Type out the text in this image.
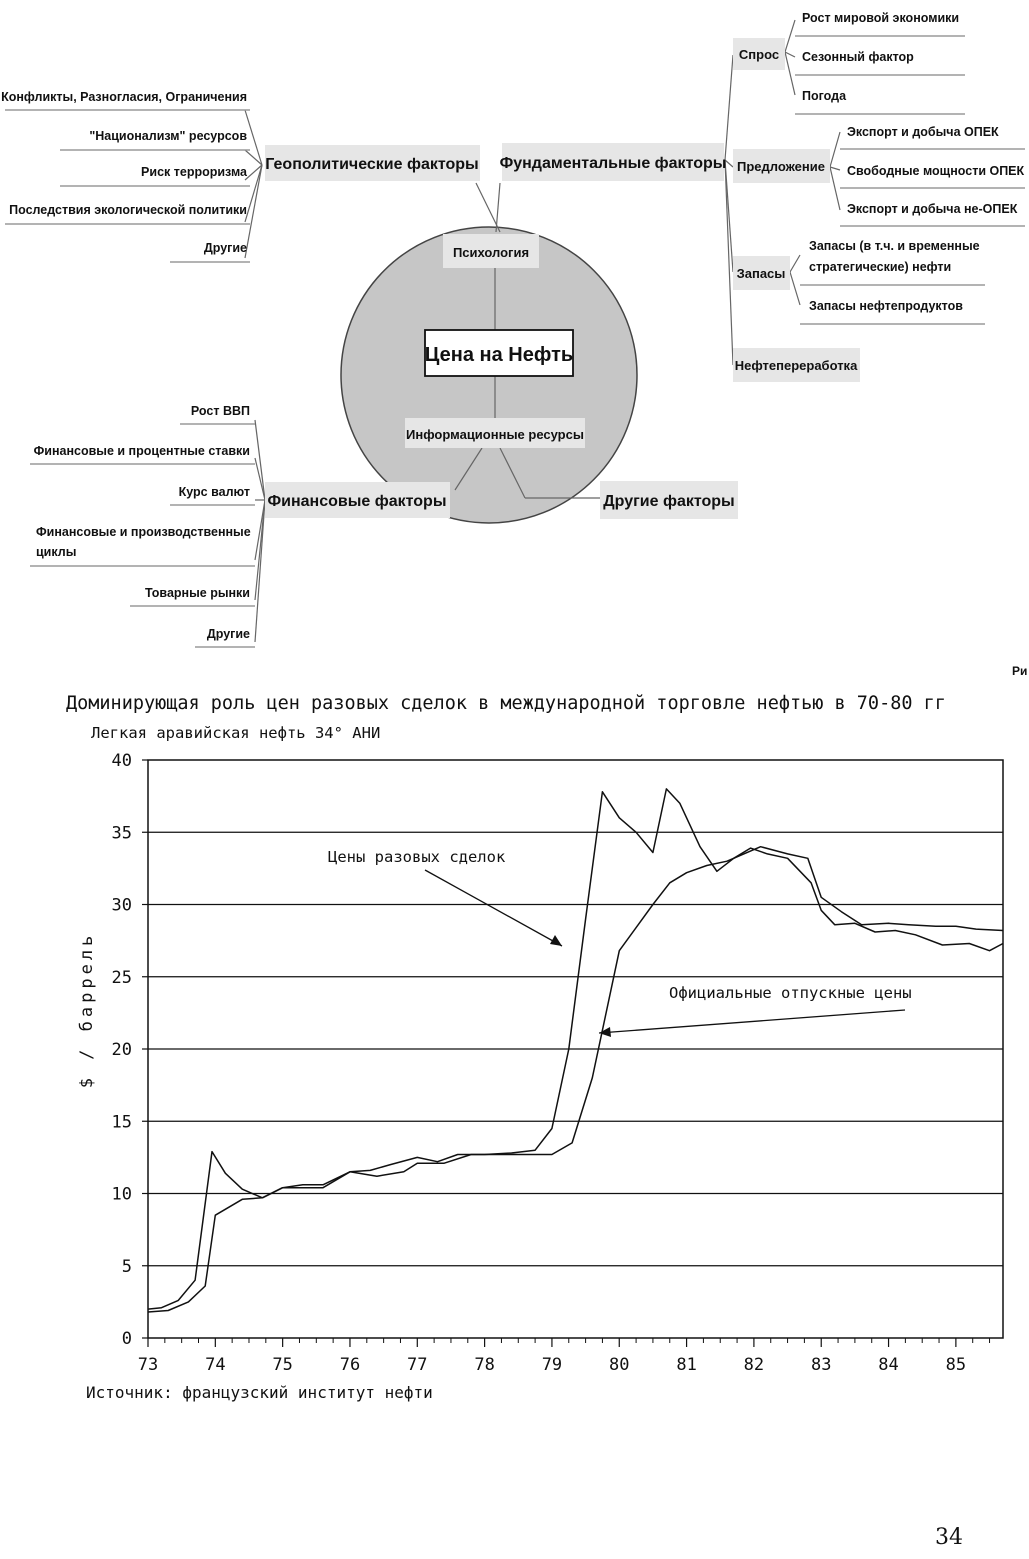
Психология
Цена на Нефть
Информационные ресурсы
Геополитические факторы
Конфликты, Разногласия, Ограничения
"Национализм" ресурсов
Риск терроризма
Последствия экологической политики
Другие
Фундаментальные факторы
Спрос
Рост мировой экономики
Сезонный фактор
Погода
Предложение
Экспорт и добыча ОПЕК
Свободные мощности ОПЕК
Экспорт и добыча не-ОПЕК
Запасы
Запасы (в т.ч. и временные
стратегические) нефти
Запасы нефтепродуктов
Нефтепереработка
Финансовые факторы
Рост ВВП
Финансовые и процентные ставки
Курс валют
Финансовые и производственные
циклы
Товарные рынки
Другие
Другие факторы
Ри
Доминирующая роль цен разовых сделок в международной торговле нефтью в 70-80 гг
Легкая аравийская нефть 34° АНИ
0
5
10
15
20
25
30
35
40
73	74	75	76	77	78	79	80	81	82	83	84	85
$ / баррель
Цены разовых сделок
Официальные отпускные цены
Источник: французский институт нефти
34
